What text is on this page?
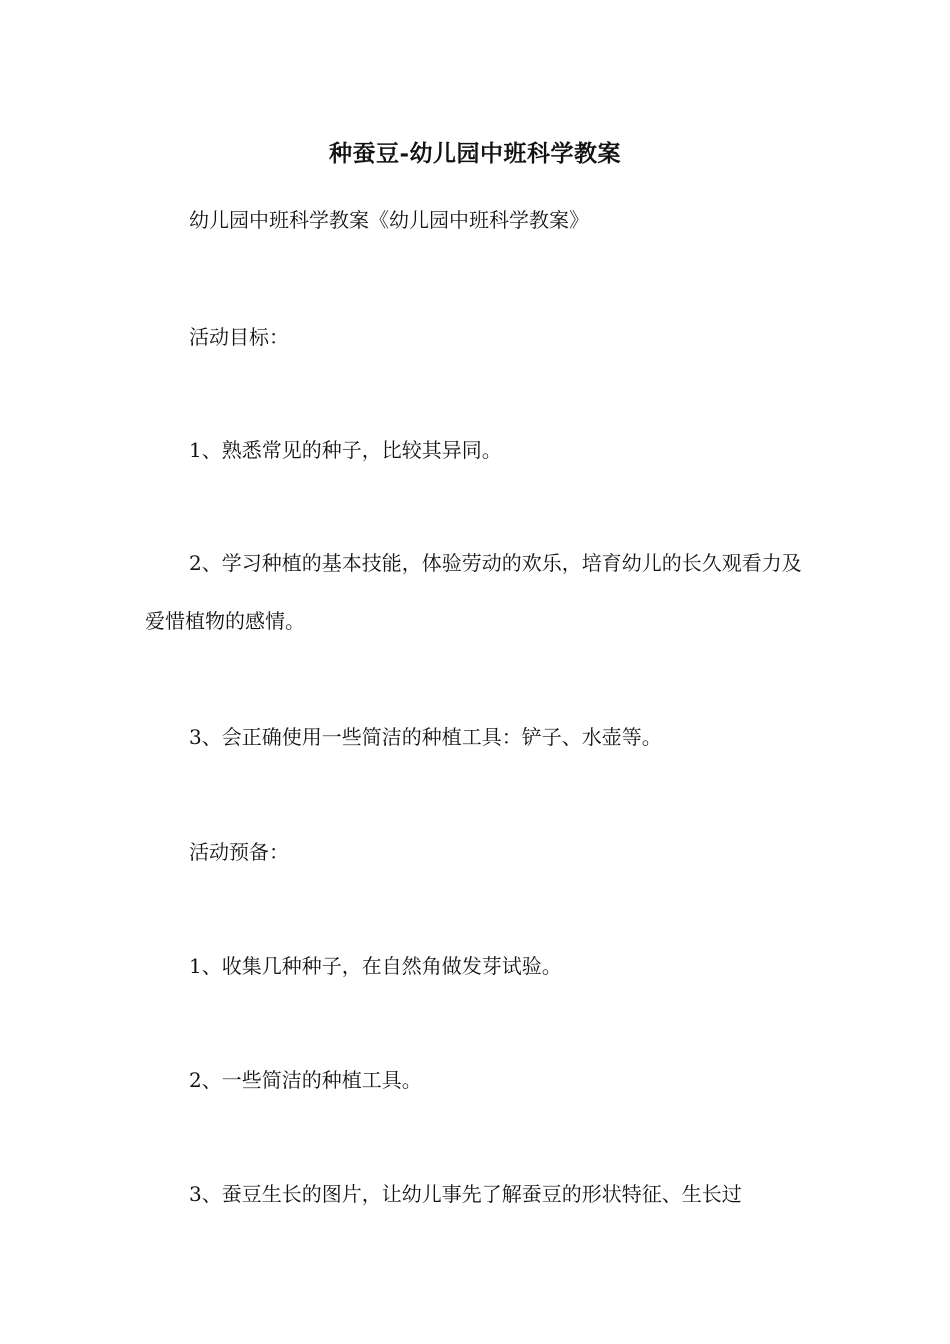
种蚕豆-幼儿园中班科学教案

幼儿园中班科学教案《幼儿园中班科学教案》

活动目标：

1、熟悉常见的种子，比较其异同。

2、学习种植的基本技能，体验劳动的欢乐，培育幼儿的长久观看力及爱惜植物的感情。

3、会正确使用一些简洁的种植工具：铲子、水壶等。

活动预备：

1、收集几种种子，在自然角做发芽试验。

2、一些简洁的种植工具。

3、蚕豆生长的图片，让幼儿事先了解蚕豆的形状特征、生长过
